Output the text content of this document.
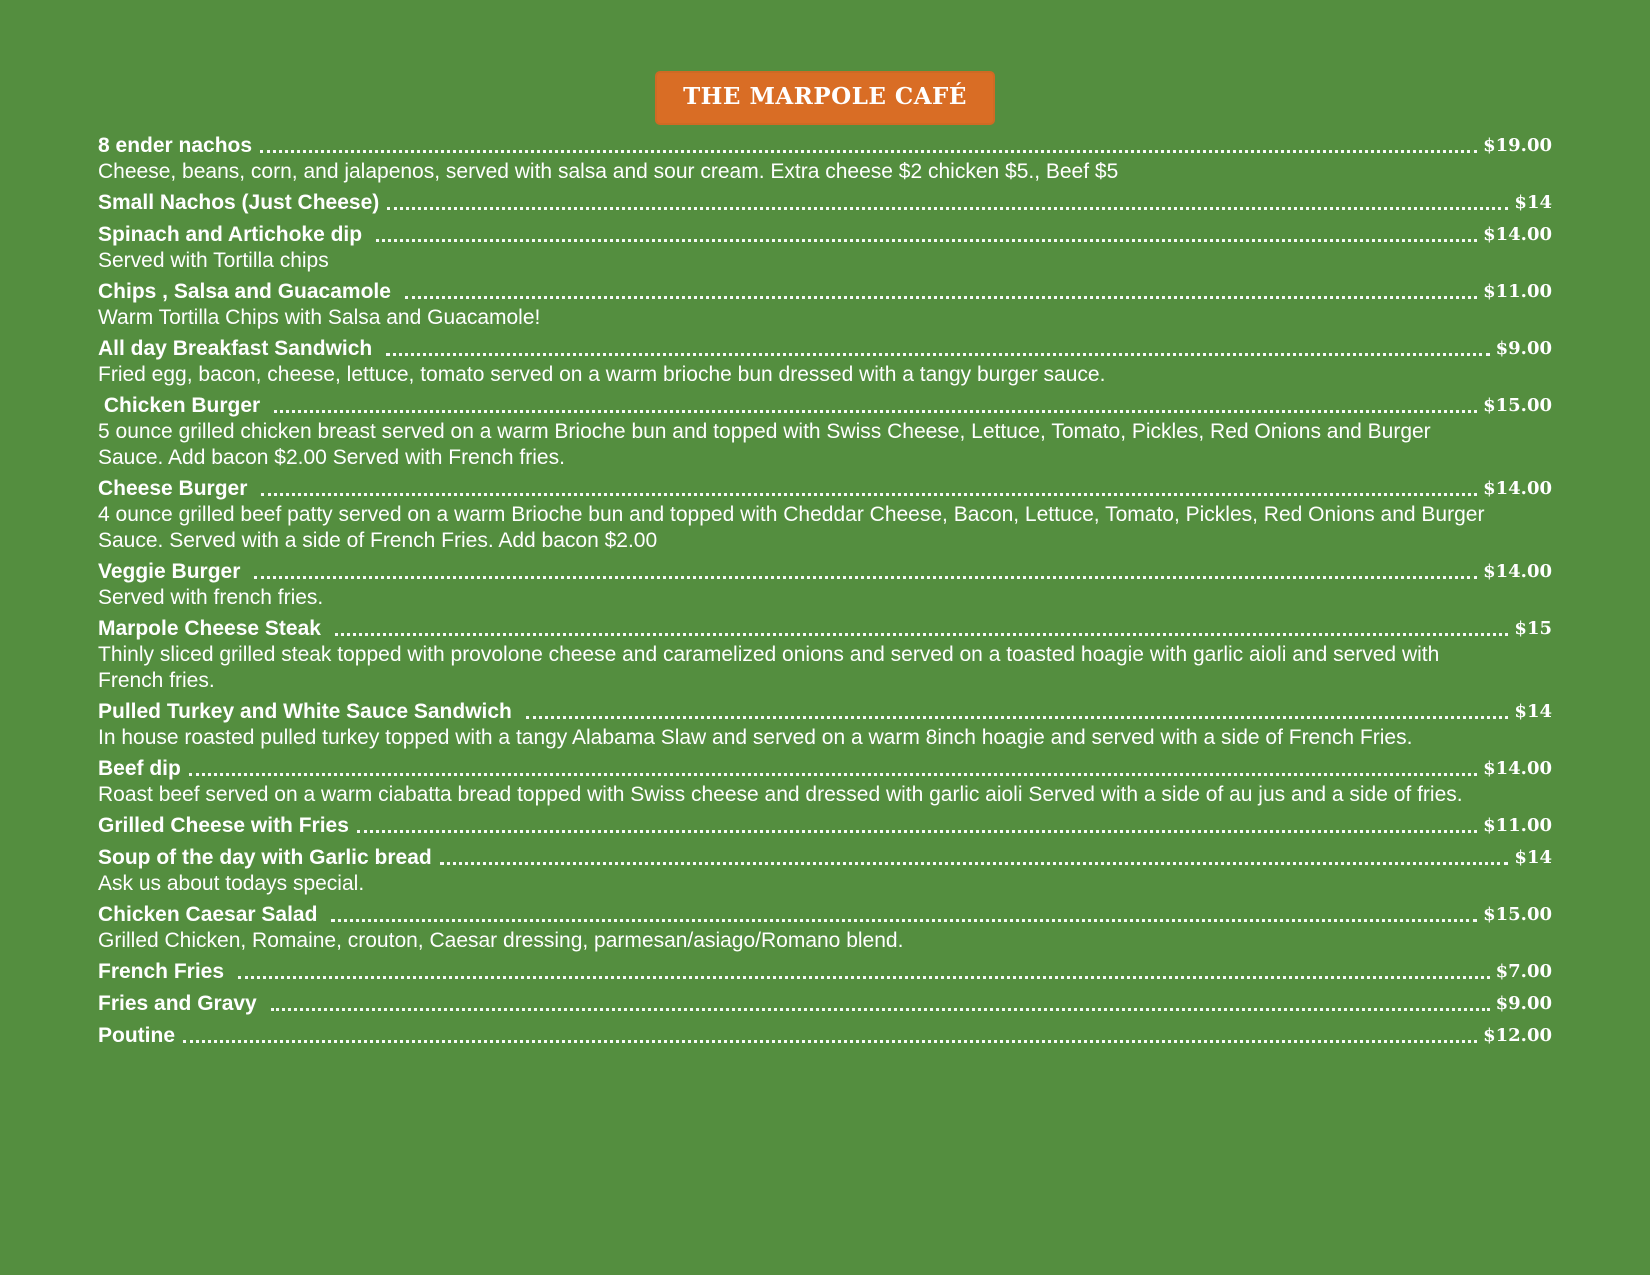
THE MARPOLE CAFÉ
8 ender nachos	$19.00
Cheese, beans, corn, and jalapenos, served with salsa and sour cream. Extra cheese $2 chicken $5., Beef $5
Small Nachos (Just Cheese)	$14
Spinach and Artichoke dip	$14.00
Served with Tortilla chips
Chips , Salsa and Guacamole	$11.00
Warm Tortilla Chips with Salsa and Guacamole!
All day Breakfast Sandwich	$9.00
Fried egg, bacon, cheese, lettuce, tomato served on a warm brioche bun dressed with a tangy burger sauce.
Chicken Burger	$15.00
5 ounce grilled chicken breast served on a warm Brioche bun and topped with Swiss Cheese, Lettuce, Tomato, Pickles, Red Onions and Burger Sauce. Add bacon $2.00 Served with French fries.
Cheese Burger	$14.00
4 ounce grilled beef patty served on a warm Brioche bun and topped with Cheddar Cheese, Bacon, Lettuce, Tomato, Pickles, Red Onions and Burger Sauce. Served with a side of French Fries. Add bacon $2.00
Veggie Burger	$14.00
Served with french fries.
Marpole Cheese Steak	$15
Thinly sliced grilled steak topped with provolone cheese and caramelized onions and served on a toasted hoagie with garlic aioli and served with French fries.
Pulled Turkey and White Sauce Sandwich	$14
In house roasted pulled turkey topped with a tangy Alabama Slaw and served on a warm 8inch hoagie and served with a side of French Fries.
Beef dip	$14.00
Roast beef served on a warm ciabatta bread topped with Swiss cheese and dressed with garlic aioli Served with a side of au jus and a side of fries.
Grilled Cheese with Fries	$11.00
Soup of the day with Garlic bread	$14
Ask us about todays special.
Chicken Caesar Salad	$15.00
Grilled Chicken, Romaine, crouton, Caesar dressing, parmesan/asiago/Romano blend.
French Fries	$7.00
Fries and Gravy	$9.00
Poutine	$12.00
